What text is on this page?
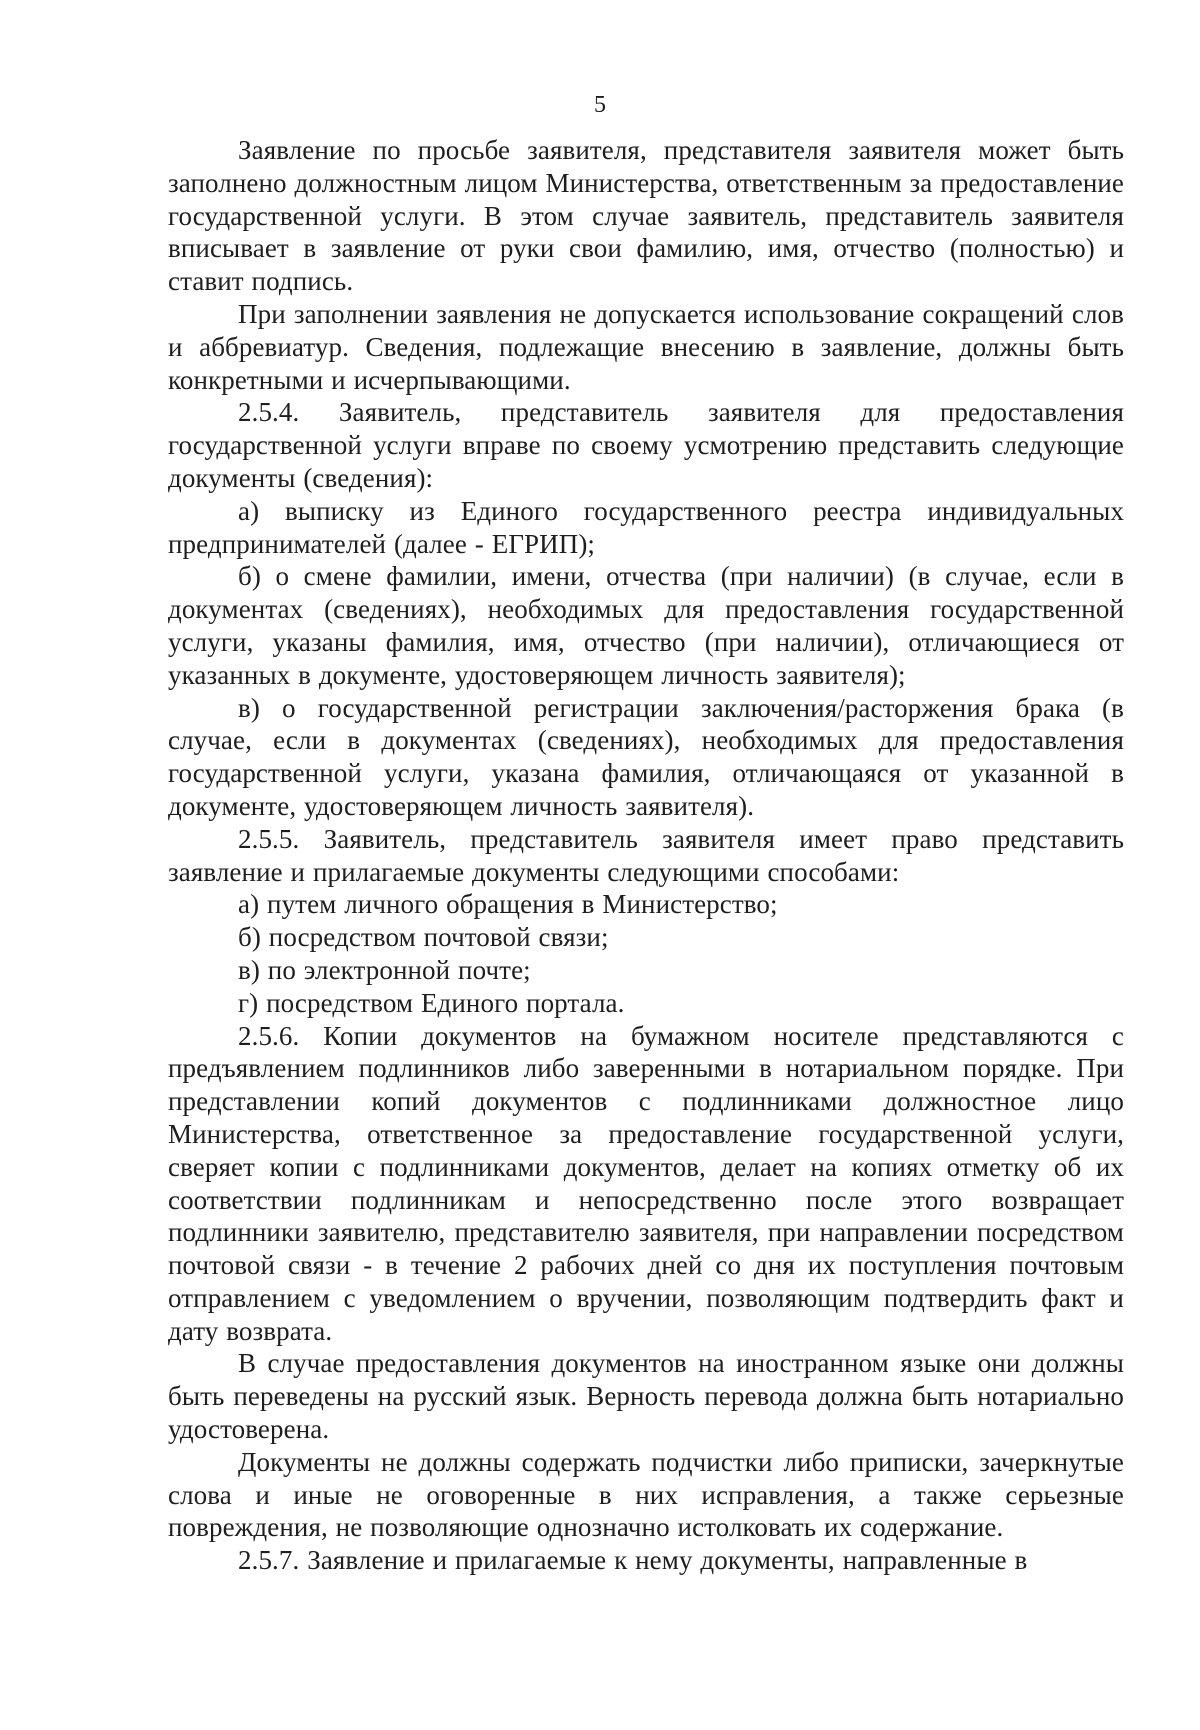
5

Заявление по просьбе заявителя, представителя заявителя может быть заполнено должностным лицом Министерства, ответственным за предоставление государственной услуги. В этом случае заявитель, представитель заявителя вписывает в заявление от руки свои фамилию, имя, отчество (полностью) и ставит подпись.

При заполнении заявления не допускается использование сокращений слов и аббревиатур. Сведения, подлежащие внесению в заявление, должны быть конкретными и исчерпывающими.

2.5.4. Заявитель, представитель заявителя для предоставления государственной услуги вправе по своему усмотрению представить следующие документы (сведения):

а) выписку из Единого государственного реестра индивидуальных предпринимателей (далее - ЕГРИП);

б) о смене фамилии, имени, отчества (при наличии) (в случае, если в документах (сведениях), необходимых для предоставления государственной услуги, указаны фамилия, имя, отчество (при наличии), отличающиеся от указанных в документе, удостоверяющем личность заявителя);

в) о государственной регистрации заключения/расторжения брака (в случае, если в документах (сведениях), необходимых для предоставления государственной услуги, указана фамилия, отличающаяся от указанной в документе, удостоверяющем личность заявителя).

2.5.5. Заявитель, представитель заявителя имеет право представить заявление и прилагаемые документы следующими способами:

а) путем личного обращения в Министерство;

б) посредством почтовой связи;

в) по электронной почте;

г) посредством Единого портала.

2.5.6. Копии документов на бумажном носителе представляются с предъявлением подлинников либо заверенными в нотариальном порядке. При представлении копий документов с подлинниками должностное лицо Министерства, ответственное за предоставление государственной услуги, сверяет копии с подлинниками документов, делает на копиях отметку об их соответствии подлинникам и непосредственно после этого возвращает подлинники заявителю, представителю заявителя, при направлении посредством почтовой связи - в течение 2 рабочих дней со дня их поступления почтовым отправлением с уведомлением о вручении, позволяющим подтвердить факт и дату возврата.

В случае предоставления документов на иностранном языке они должны быть переведены на русский язык. Верность перевода должна быть нотариально удостоверена.

Документы не должны содержать подчистки либо приписки, зачеркнутые слова и иные не оговоренные в них исправления, а также серьезные повреждения, не позволяющие однозначно истолковать их содержание.

2.5.7. Заявление и прилагаемые к нему документы, направленные в
